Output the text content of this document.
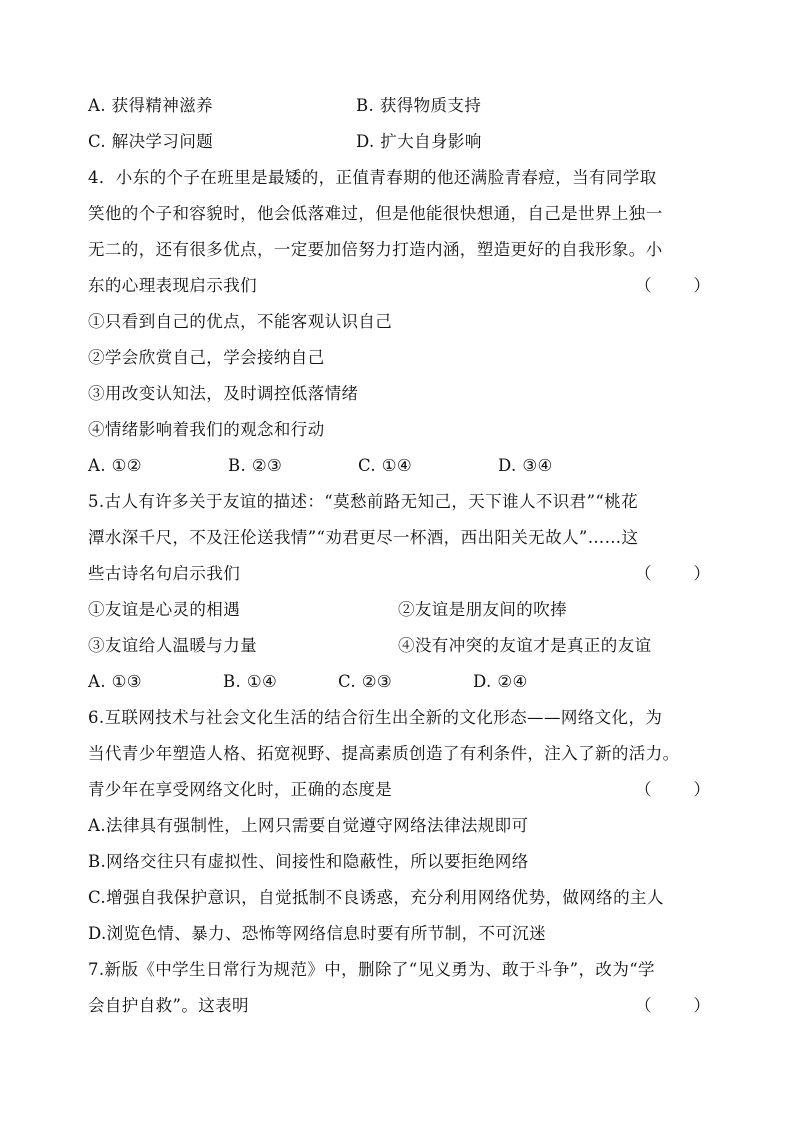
A. 获得精神滋养	B. 获得物质支持
C. 解决学习问题	D. 扩大自身影响
4．小东的个子在班里是最矮的，正值青春期的他还满脸青春痘，当有同学取
笑他的个子和容貌时，他会低落难过，但是他能很快想通，自己是世界上独一
无二的，还有很多优点，一定要加倍努力打造内涵，塑造更好的自我形象。小
东的心理表现启示我们	（	）
①只看到自己的优点，不能客观认识自己
②学会欣赏自己，学会接纳自己
③用改变认知法，及时调控低落情绪
④情绪影响着我们的观念和行动
A. ①②	B. ②③	C. ①④	D. ③④
5.古人有许多关于友谊的描述：“莫愁前路无知己，天下谁人不识君”“桃花
潭水深千尺，不及汪伦送我情”“劝君更尽一杯酒，西出阳关无故人”……这
些古诗名句启示我们	（	）
①友谊是心灵的相遇	②友谊是朋友间的吹捧
③友谊给人温暖与力量	④没有冲突的友谊才是真正的友谊
A. ①③	B. ①④	C. ②③	D. ②④
6.互联网技术与社会文化生活的结合衍生出全新的文化形态——网络文化，为
当代青少年塑造人格、拓宽视野、提高素质创造了有利条件，注入了新的活力。
青少年在享受网络文化时，正确的态度是	（	）
A.法律具有强制性，上网只需要自觉遵守网络法律法规即可
B.网络交往只有虚拟性、间接性和隐蔽性，所以要拒绝网络
C.增强自我保护意识，自觉抵制不良诱惑，充分利用网络优势，做网络的主人
D.浏览色情、暴力、恐怖等网络信息时要有所节制，不可沉迷
7.新版《中学生日常行为规范》中，删除了“见义勇为、敢于斗争”，改为“学
会自护自救”。这表明	（	）
